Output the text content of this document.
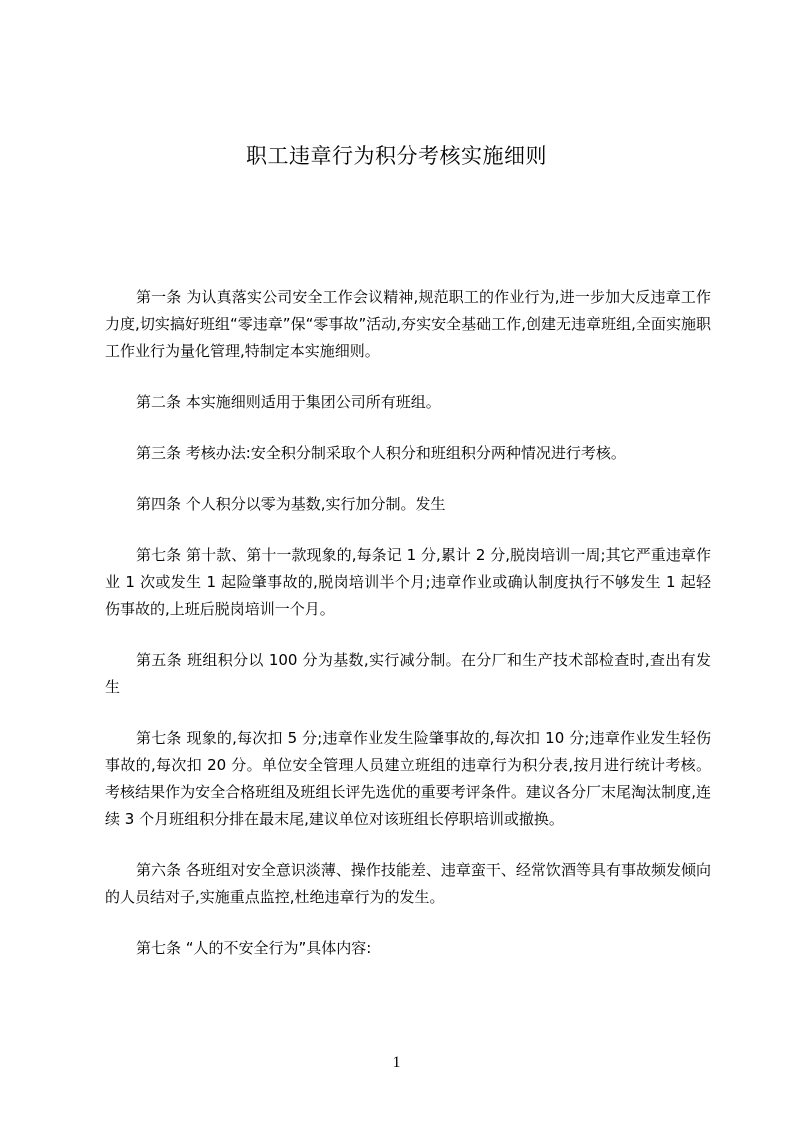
职工违章行为积分考核实施细则

第一条 为认真落实公司安全工作会议精神,规范职工的作业行为,进一步加大反违章工作力度,切实搞好班组“零违章”保“零事故”活动,夯实安全基础工作,创建无违章班组,全面实施职工作业行为量化管理,特制定本实施细则。

第二条 本实施细则适用于集团公司所有班组。

第三条 考核办法:安全积分制采取个人积分和班组积分两种情况进行考核。

第四条 个人积分以零为基数,实行加分制。发生

第七条 第十款、第十一款现象的,每条记 1 分,累计 2 分,脱岗培训一周;其它严重违章作业 1 次或发生 1 起险肇事故的,脱岗培训半个月;违章作业或确认制度执行不够发生 1 起轻伤事故的,上班后脱岗培训一个月。

第五条 班组积分以 100 分为基数,实行减分制。在分厂和生产技术部检查时,查出有发生

第七条 现象的,每次扣 5 分;违章作业发生险肇事故的,每次扣 10 分;违章作业发生轻伤事故的,每次扣 20 分。单位安全管理人员建立班组的违章行为积分表,按月进行统计考核。考核结果作为安全合格班组及班组长评先选优的重要考评条件。建议各分厂末尾淘汰制度,连续 3 个月班组积分排在最末尾,建议单位对该班组长停职培训或撤换。

第六条 各班组对安全意识淡薄、操作技能差、违章蛮干、经常饮酒等具有事故频发倾向的人员结对子,实施重点监控,杜绝违章行为的发生。

第七条 “人的不安全行为”具体内容:

1
